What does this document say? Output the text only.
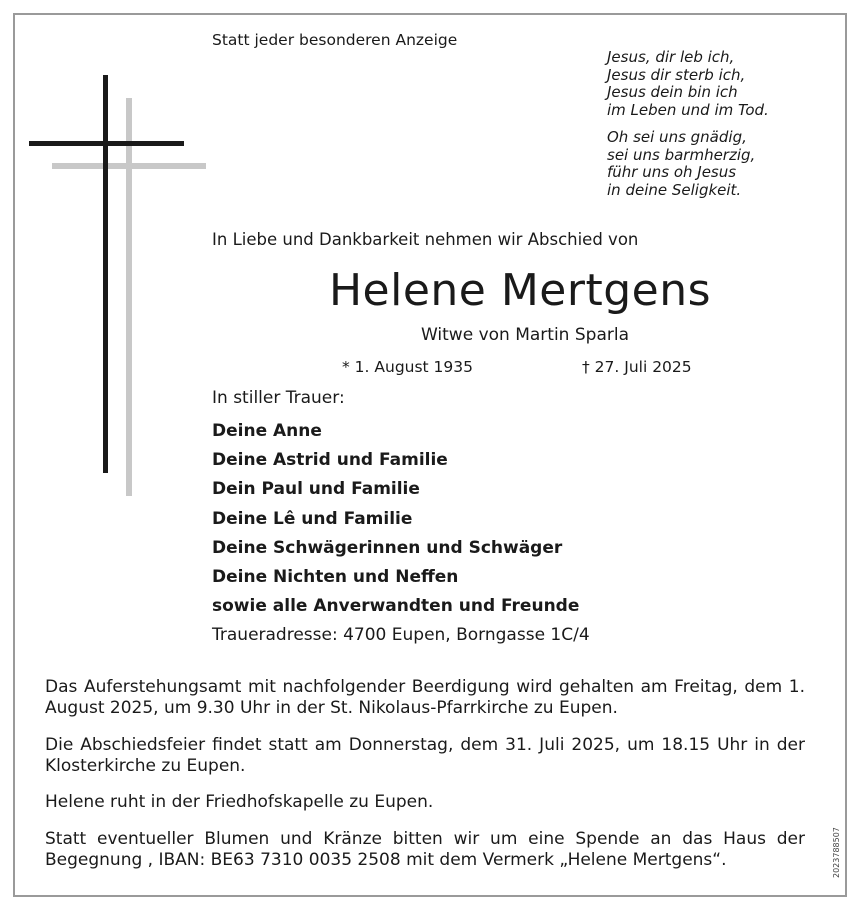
Statt jeder besonderen Anzeige
Jesus, dir leb ich,
Jesus dir sterb ich,
Jesus dein bin ich
im Leben und im Tod.
Oh sei uns gnädig,
sei uns barmherzig,
führ uns oh Jesus
in deine Seligkeit.
In Liebe und Dankbarkeit nehmen wir Abschied von
Helene Mertgens
Witwe von Martin Sparla
* 1. August 1935	† 27. Juli 2025
In stiller Trauer:
Deine Anne
Deine Astrid und Familie
Dein Paul und Familie
Deine Lê und Familie
Deine Schwägerinnen und Schwäger
Deine Nichten und Neffen
sowie alle Anverwandten und Freunde
Traueradresse: 4700 Eupen, Borngasse 1C/4
Das Auferstehungsamt mit nachfolgender Beerdigung wird gehalten am Freitag, dem 1. August 2025, um 9.30 Uhr in der St. Nikolaus-Pfarrkirche zu Eupen.
Die Abschiedsfeier findet statt am Donnerstag, dem 31. Juli 2025, um 18.15 Uhr in der Klosterkirche zu Eupen.
Helene ruht in der Friedhofskapelle zu Eupen.
Statt eventueller Blumen und Kränze bitten wir um eine Spende an das Haus der Begegnung , IBAN: BE63 7310 0035 2508 mit dem Vermerk „Helene Mertgens“.	2023788507
